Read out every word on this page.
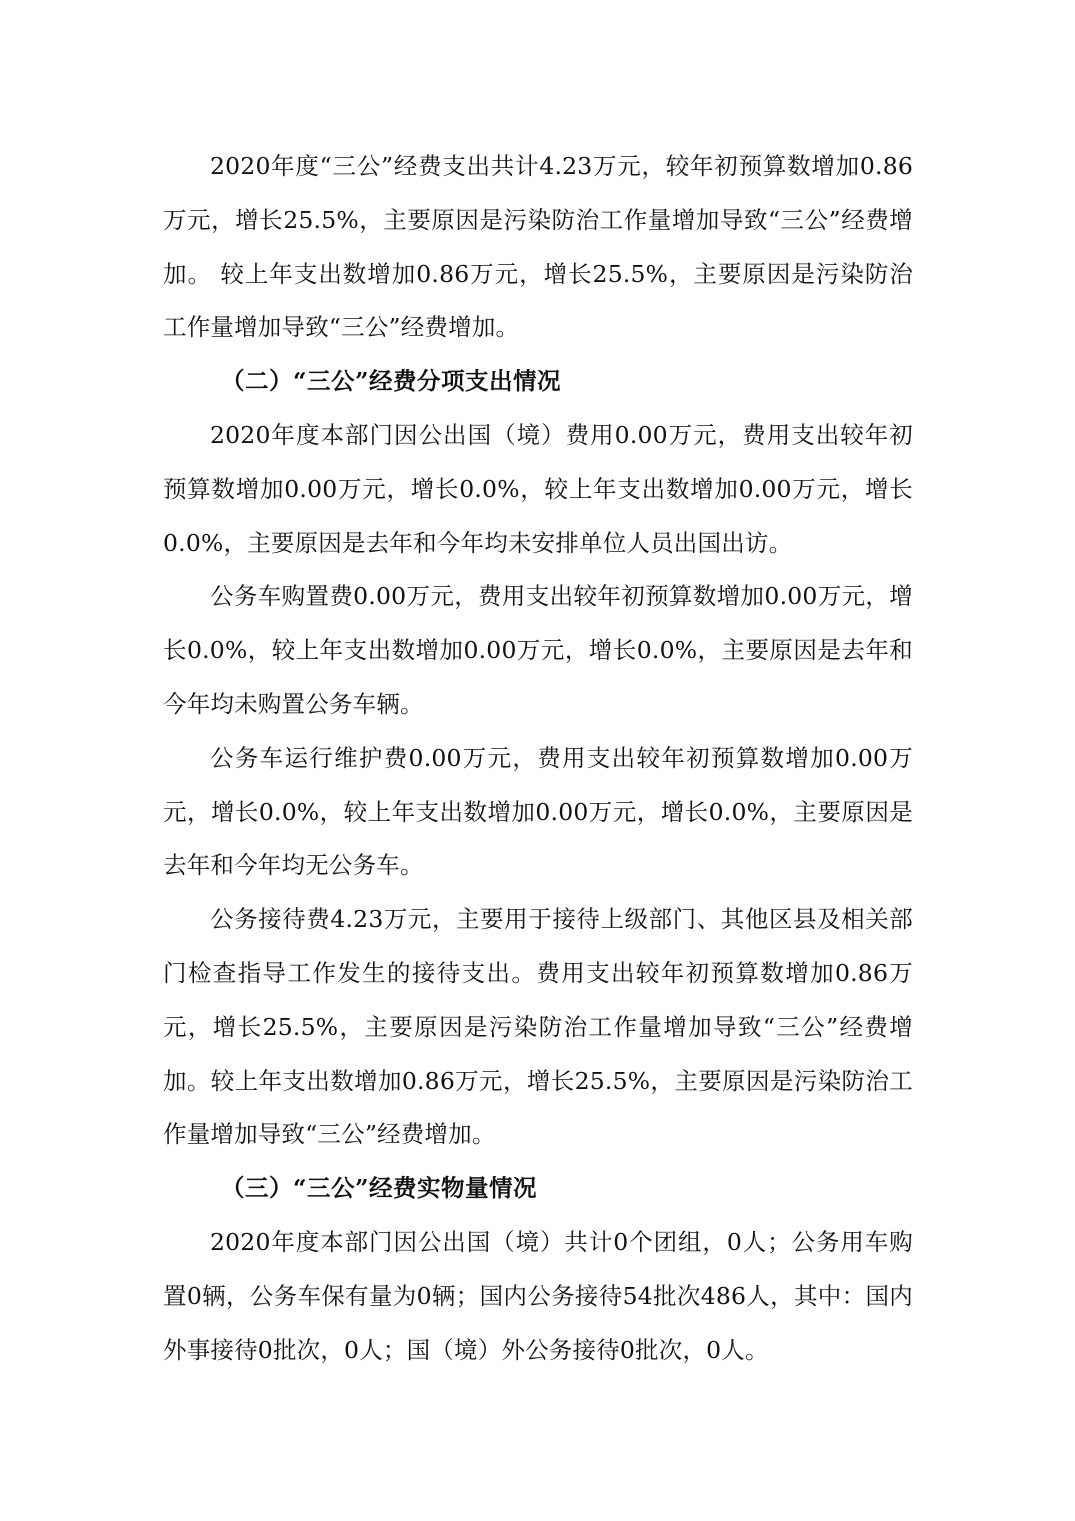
2020年度“三公”经费支出共计4.23万元，较年初预算数增加0.86万元，增长25.5%，主要原因是污染防治工作量增加导致“三公”经费增加。 较上年支出数增加0.86万元，增长25.5%，主要原因是污染防治工作量增加导致“三公”经费增加。

（二）“三公”经费分项支出情况

2020年度本部门因公出国（境）费用0.00万元，费用支出较年初预算数增加0.00万元，增长0.0%，较上年支出数增加0.00万元，增长0.0%，主要原因是去年和今年均未安排单位人员出国出访。

公务车购置费0.00万元，费用支出较年初预算数增加0.00万元，增长0.0%，较上年支出数增加0.00万元，增长0.0%，主要原因是去年和今年均未购置公务车辆。

公务车运行维护费0.00万元，费用支出较年初预算数增加0.00万元，增长0.0%，较上年支出数增加0.00万元，增长0.0%，主要原因是去年和今年均无公务车。

公务接待费4.23万元，主要用于接待上级部门、其他区县及相关部门检查指导工作发生的接待支出。费用支出较年初预算数增加0.86万元，增长25.5%，主要原因是污染防治工作量增加导致“三公”经费增加。较上年支出数增加0.86万元，增长25.5%，主要原因是污染防治工作量增加导致“三公”经费增加。

（三）“三公”经费实物量情况

2020年度本部门因公出国（境）共计0个团组，0人；公务用车购置0辆，公务车保有量为0辆；国内公务接待54批次486人，其中：国内外事接待0批次，0人；国（境）外公务接待0批次，0人。
